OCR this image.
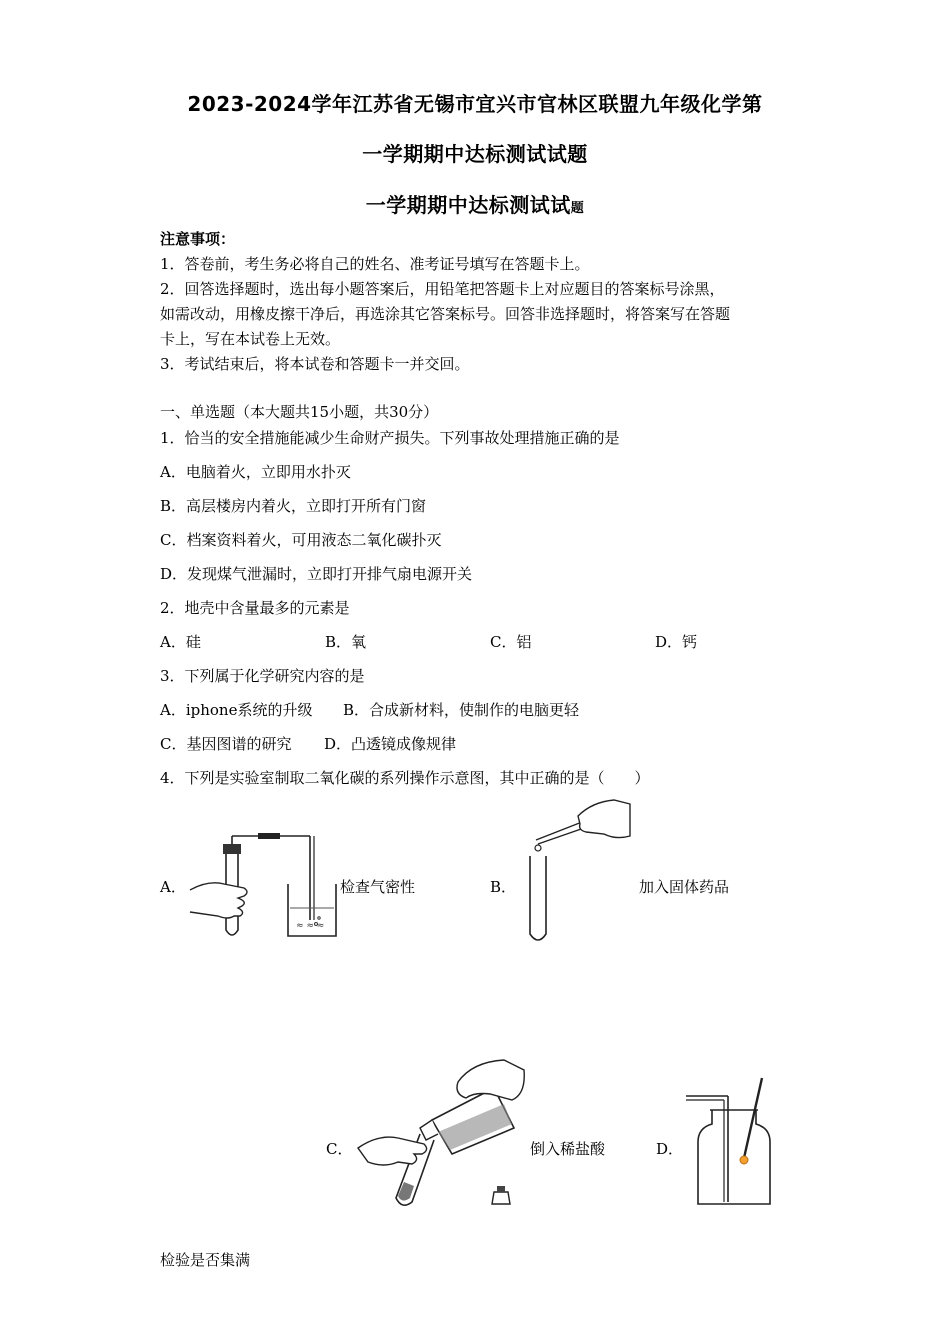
2023-2024学年江苏省无锡市宜兴市官林区联盟九年级化学第
一学期期中达标测试试题
一学期期中达标测试试题
注意事项：
1．答卷前，考生务必将自己的姓名、准考证号填写在答题卡上。
2．回答选择题时，选出每小题答案后，用铅笔把答题卡上对应题目的答案标号涂黑，
如需改动，用橡皮擦干净后，再选涂其它答案标号。回答非选择题时，将答案写在答题
卡上，写在本试卷上无效。
3．考试结束后，将本试卷和答题卡一并交回。
一、单选题（本大题共15小题，共30分）
1．恰当的安全措施能减少生命财产损失。下列事故处理措施正确的是
A．电脑着火，立即用水扑灭
B．高层楼房内着火，立即打开所有门窗
C．档案资料着火，可用液态二氧化碳扑灭
D．发现煤气泄漏时，立即打开排气扇电源开关
2．地壳中含量最多的元素是
A．硅	B．氧	C．铝	D．钙
3．下列属于化学研究内容的是
A．iphone系统的升级 B．合成新材料，使制作的电脑更轻
C．基因图谱的研究 D．凸透镜成像规律
4．下列是实验室制取二氧化碳的系列操作示意图，其中正确的是（　　）
A．
≈ ≈ ≈
检查气密性	B．	加入固体药品
C．	倒入稀盐酸	D．
检验是否集满
